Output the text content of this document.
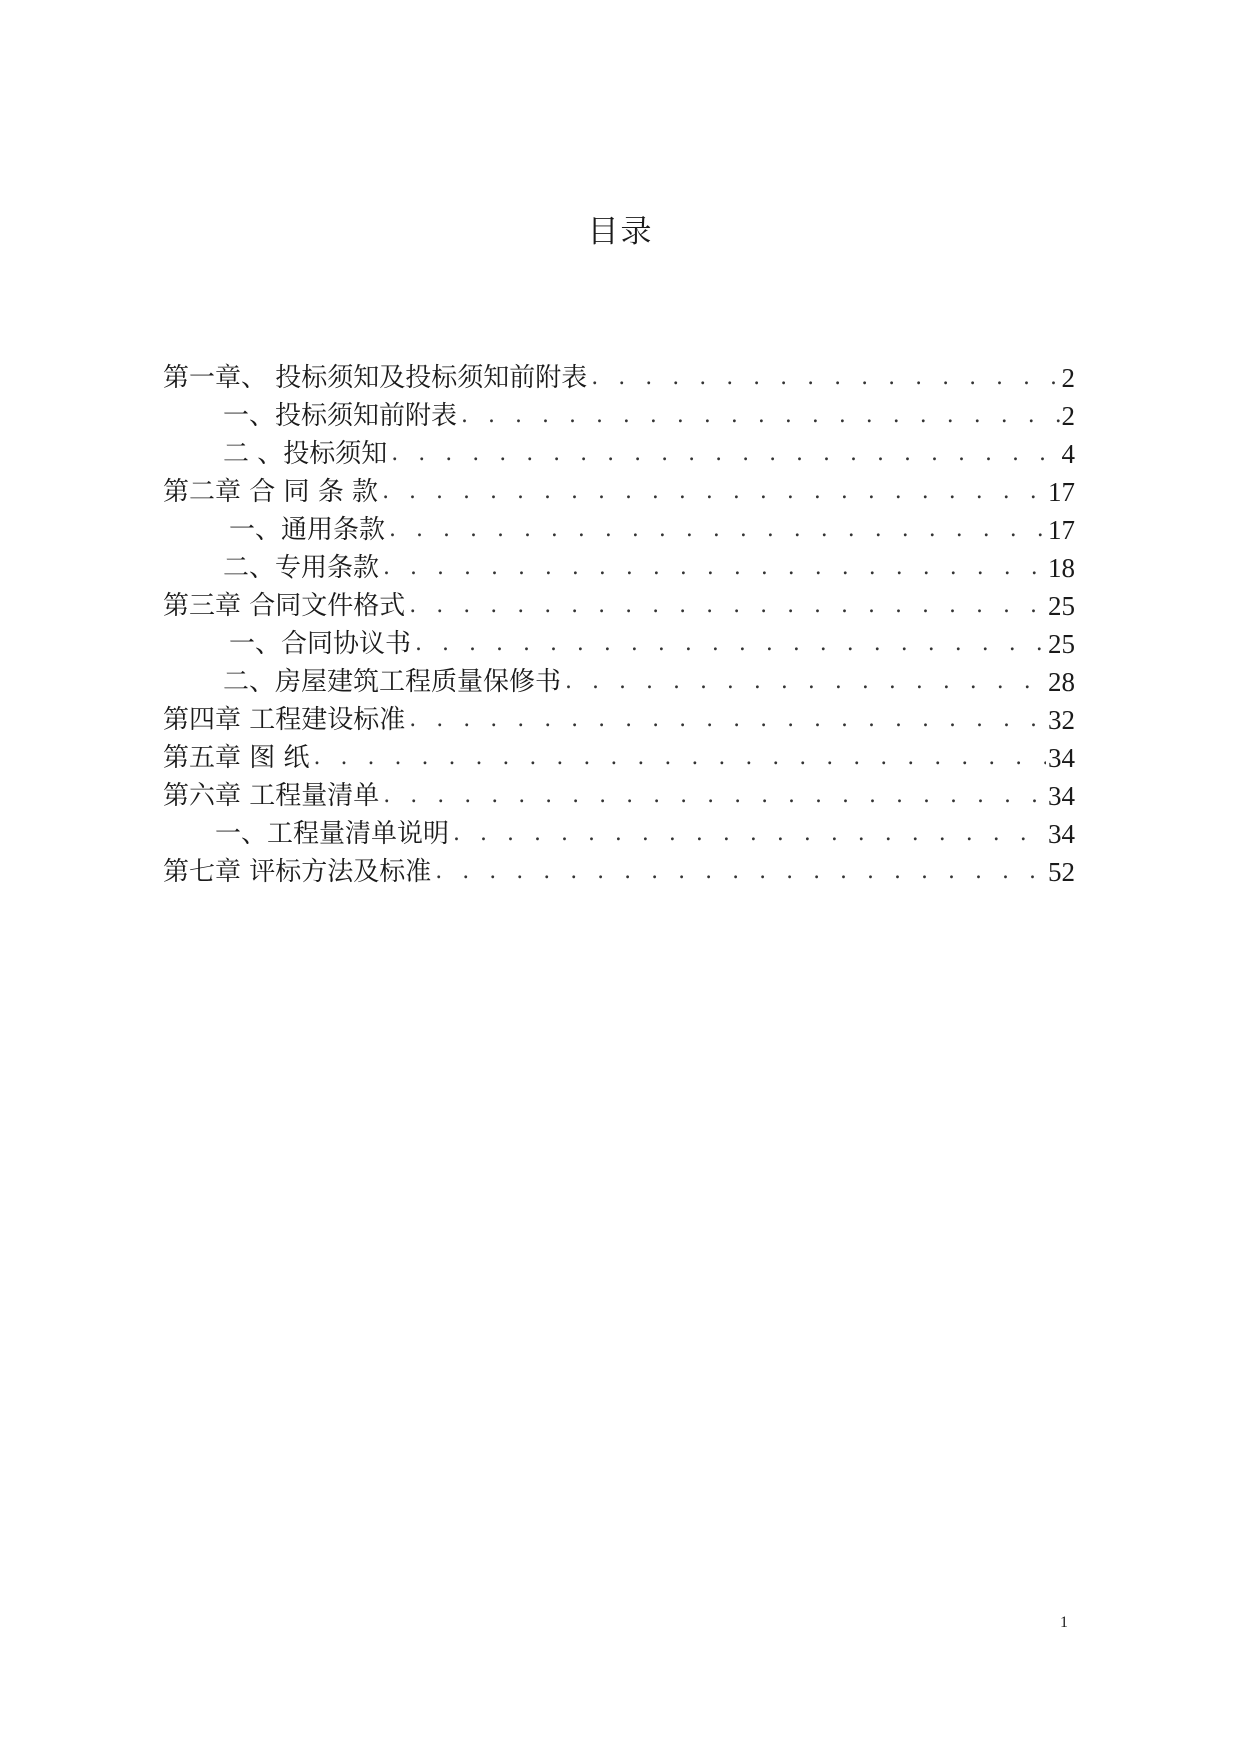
目录
第一章、 投标须知及投标须知前附表 . . .	2
一、投标须知前附表 . . .	2
二 、投标须知 . . .	4
第二章 合 同 条 款 . . .	17
一、通用条款 . . .	17
二、专用条款 . . .	18
第三章 合同文件格式 . . .	25
一、合同协议书 . . .	25
二、房屋建筑工程质量保修书 . . .	28
第四章 工程建设标准 . . .	32
第五章 图 纸 . . .	34
第六章 工程量清单 . . .	34
一、工程量清单说明 . . .	34
第七章 评标方法及标准 . . .	52
1
